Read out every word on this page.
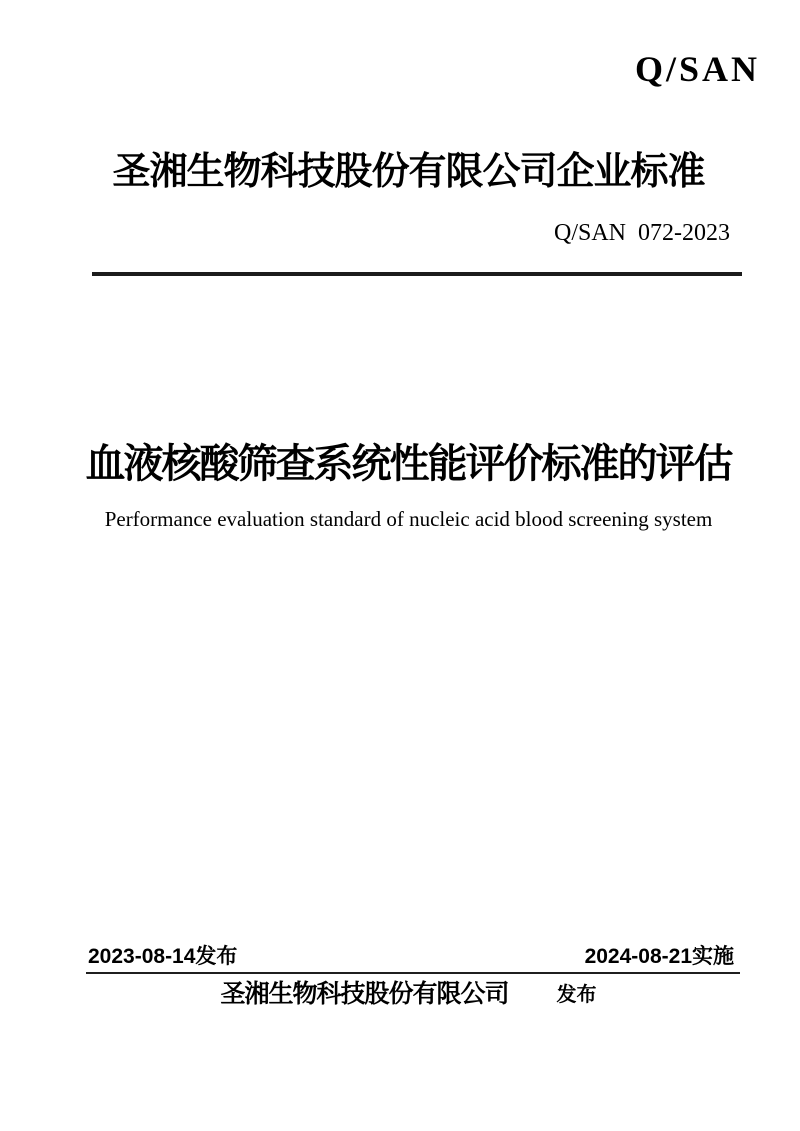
Q/SAN
圣湘生物科技股份有限公司企业标准
Q/SAN  072-2023
血液核酸筛查系统性能评价标准的评估
Performance evaluation standard of nucleic acid blood screening system
2023-08-14发布	2024-08-21实施
圣湘生物科技股份有限公司 发布
